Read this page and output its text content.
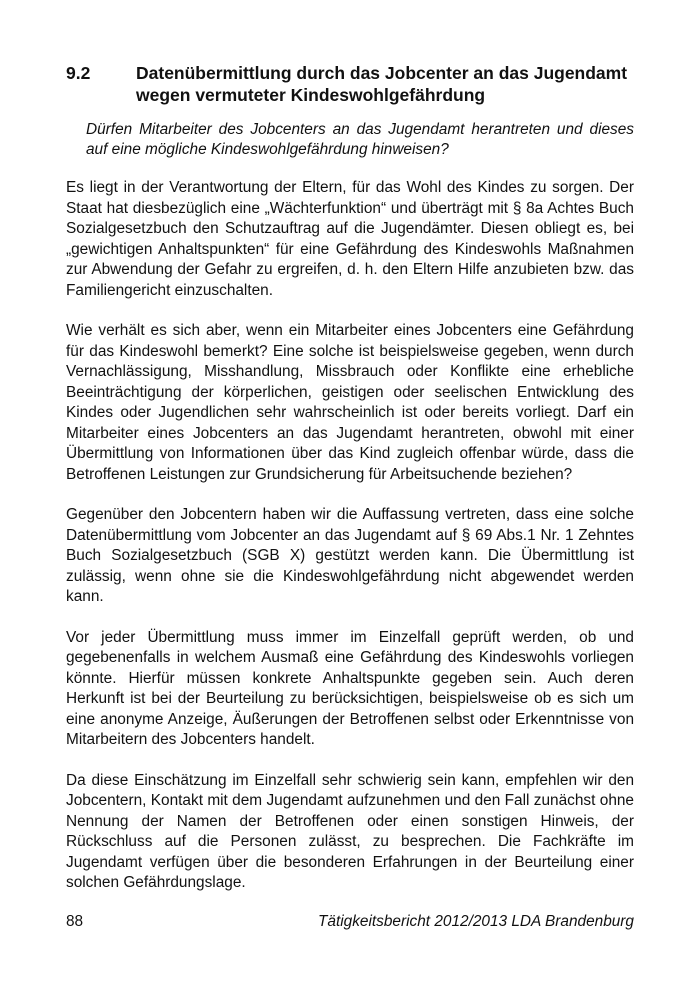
9.2	Datenübermittlung durch das Jobcenter an das Jugendamt wegen vermuteter Kindeswohlgefährdung

Dürfen Mitarbeiter des Jobcenters an das Jugendamt herantreten und dieses auf eine mögliche Kindeswohlgefährdung hinweisen?

Es liegt in der Verantwortung der Eltern, für das Wohl des Kindes zu sorgen. Der Staat hat diesbezüglich eine „Wächterfunktion“ und überträgt mit § 8a Achtes Buch Sozialgesetzbuch den Schutzauftrag auf die Jugendämter. Diesen obliegt es, bei „gewichtigen Anhaltspunkten“ für eine Gefährdung des Kindeswohls Maßnahmen zur Abwendung der Gefahr zu ergreifen, d. h. den Eltern Hilfe anzubieten bzw. das Familiengericht einzuschalten.

Wie verhält es sich aber, wenn ein Mitarbeiter eines Jobcenters eine Gefährdung für das Kindeswohl bemerkt? Eine solche ist beispielsweise gegeben, wenn durch Vernachlässigung, Misshandlung, Missbrauch oder Konflikte eine erhebliche Beeinträchtigung der körperlichen, geistigen oder seelischen Entwicklung des Kindes oder Jugendlichen sehr wahrscheinlich ist oder bereits vorliegt. Darf ein Mitarbeiter eines Jobcenters an das Jugendamt herantreten, obwohl mit einer Übermittlung von Informationen über das Kind zugleich offenbar würde, dass die Betroffenen Leistungen zur Grundsicherung für Arbeitsuchende beziehen?

Gegenüber den Jobcentern haben wir die Auffassung vertreten, dass eine solche Datenübermittlung vom Jobcenter an das Jugendamt auf § 69 Abs.1 Nr. 1 Zehntes Buch Sozialgesetzbuch (SGB X) gestützt werden kann. Die Übermittlung ist zulässig, wenn ohne sie die Kindeswohlgefährdung nicht abgewendet werden kann.

Vor jeder Übermittlung muss immer im Einzelfall geprüft werden, ob und gegebenenfalls in welchem Ausmaß eine Gefährdung des Kindeswohls vorliegen könnte. Hierfür müssen konkrete Anhaltspunkte gegeben sein. Auch deren Herkunft ist bei der Beurteilung zu berücksichtigen, beispielsweise ob es sich um eine anonyme Anzeige, Äußerungen der Betroffenen selbst oder Erkenntnisse von Mitarbeitern des Jobcenters handelt.

Da diese Einschätzung im Einzelfall sehr schwierig sein kann, empfehlen wir den Jobcentern, Kontakt mit dem Jugendamt aufzunehmen und den Fall zunächst ohne Nennung der Namen der Betroffenen oder einen sonstigen Hinweis, der Rückschluss auf die Personen zulässt, zu besprechen. Die Fachkräfte im Jugendamt verfügen über die besonderen Erfahrungen in der Beurteilung einer solchen Gefährdungslage.

88	Tätigkeitsbericht 2012/2013 LDA Brandenburg
